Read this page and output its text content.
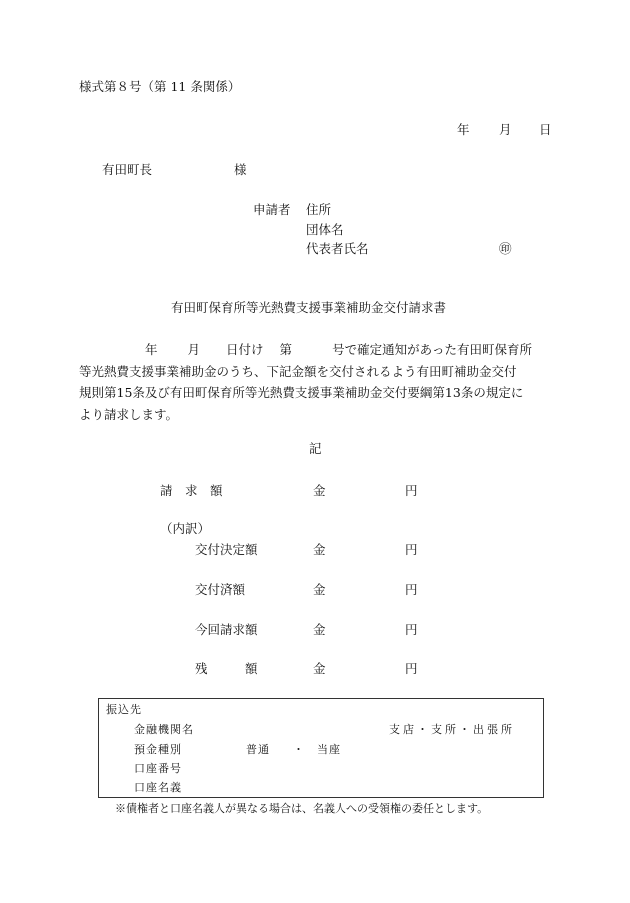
様式第８号（第 11 条関係）
年 月 日
有田町長	様
申請者 住所
団体名
代表者氏名	㊞
有田町保育所等光熱費支援事業補助金交付請求書
年 月 日付け 第	号で確定通知があった有田町保育所
等光熱費支援事業補助金のうち、下記金額を交付されるよう有田町補助金交付
規則第15条及び有田町保育所等光熱費支援事業補助金交付要綱第13条の規定に
より請求します。
記
請　求　額	金	円
（内訳）
交付決定額	金	円
交付済額	金	円
今回請求額	金	円
残　　　額	金	円
振込先
金融機関名	支店・支所・出張所
預金種別	普通 ・ 当座
口座番号
口座名義
※債権者と口座名義人が異なる場合は、名義人への受領権の委任とします。
